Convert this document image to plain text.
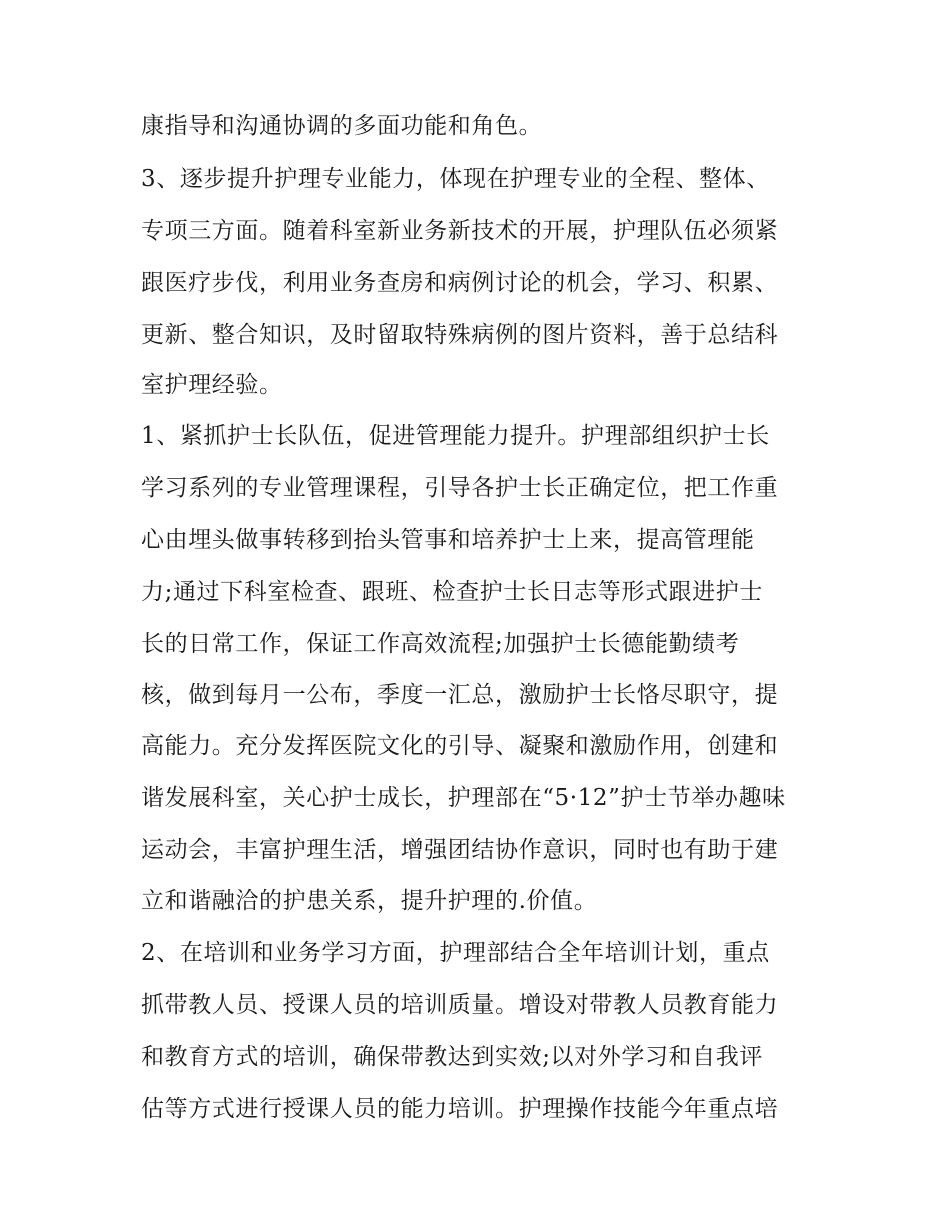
康指导和沟通协调的多面功能和角色。

3、逐步提升护理专业能力，体现在护理专业的全程、整体、

专项三方面。随着科室新业务新技术的开展，护理队伍必须紧

跟医疗步伐，利用业务查房和病例讨论的机会，学习、积累、

更新、整合知识，及时留取特殊病例的图片资料，善于总结科

室护理经验。

1、紧抓护士长队伍，促进管理能力提升。护理部组织护士长

学习系列的专业管理课程，引导各护士长正确定位，把工作重

心由埋头做事转移到抬头管事和培养护士上来，提高管理能

力;通过下科室检查、跟班、检查护士长日志等形式跟进护士

长的日常工作，保证工作高效流程;加强护士长德能勤绩考

核，做到每月一公布，季度一汇总，激励护士长恪尽职守，提

高能力。充分发挥医院文化的引导、凝聚和激励作用，创建和

谐发展科室，关心护士成长，护理部在“5·12”护士节举办趣味

运动会，丰富护理生活，增强团结协作意识，同时也有助于建

立和谐融洽的护患关系，提升护理的.价值。

2、在培训和业务学习方面，护理部结合全年培训计划，重点

抓带教人员、授课人员的培训质量。增设对带教人员教育能力

和教育方式的培训，确保带教达到实效;以对外学习和自我评

估等方式进行授课人员的能力培训。护理操作技能今年重点培
